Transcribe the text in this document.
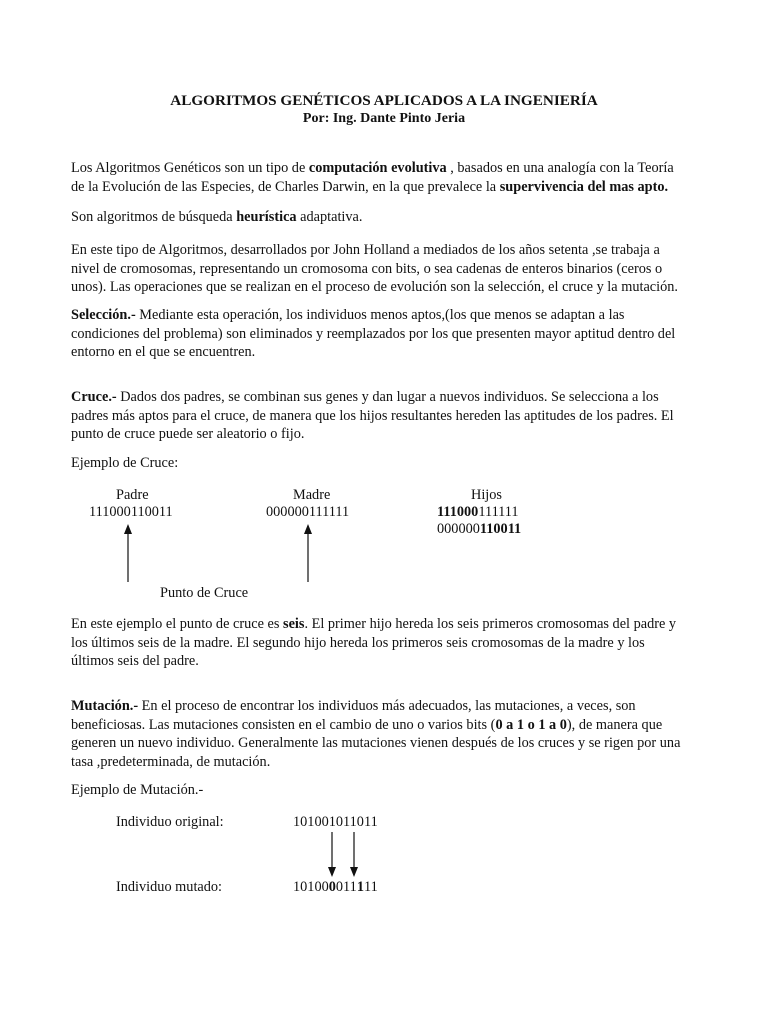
ALGORITMOS GENÉTICOS APLICADOS A LA INGENIERÍA
Por: Ing. Dante Pinto Jeria
Los Algoritmos Genéticos son un tipo de computación evolutiva , basados en una analogía con la Teoría
de la Evolución de las Especies, de Charles Darwin, en la que prevalece la supervivencia del mas apto.
Son algoritmos de búsqueda heurística adaptativa.
En este tipo de Algoritmos, desarrollados por John Holland a mediados de los años setenta ,se trabaja a
nivel de cromosomas, representando un cromosoma con bits, o sea cadenas de enteros binarios (ceros o
unos). Las operaciones que se realizan en el proceso de evolución son la selección, el cruce y la mutación.
Selección.- Mediante esta operación, los individuos menos aptos,(los que menos se adaptan a las
condiciones del problema) son eliminados y reemplazados por los que presenten mayor aptitud dentro del
entorno en el que se encuentren.
Cruce.- Dados dos padres, se combinan sus genes y dan lugar a nuevos individuos. Se selecciona a los
padres más aptos para el cruce, de manera que los hijos resultantes hereden las aptitudes de los padres. El
punto de cruce puede ser aleatorio o fijo.
Ejemplo de Cruce:
Padre
111000110011
Madre
000000111111
Hijos
111000111111
000000110011
Punto de Cruce
En este ejemplo el punto de cruce es seis. El primer hijo hereda los seis primeros cromosomas del padre y
los últimos seis de la madre. El segundo hijo hereda los primeros seis cromosomas de la madre y los
últimos seis del padre.
Mutación.- En el proceso de encontrar los individuos más adecuados, las mutaciones, a veces, son
beneficiosas. Las mutaciones consisten en el cambio de uno o varios bits (0 a 1 o 1 a 0), de manera que
generen un nuevo individuo. Generalmente las mutaciones vienen después de los cruces y se rigen por una
tasa ,predeterminada, de mutación.
Ejemplo de Mutación.-
Individuo original:	101001011011
Individuo mutado:	101000011111
